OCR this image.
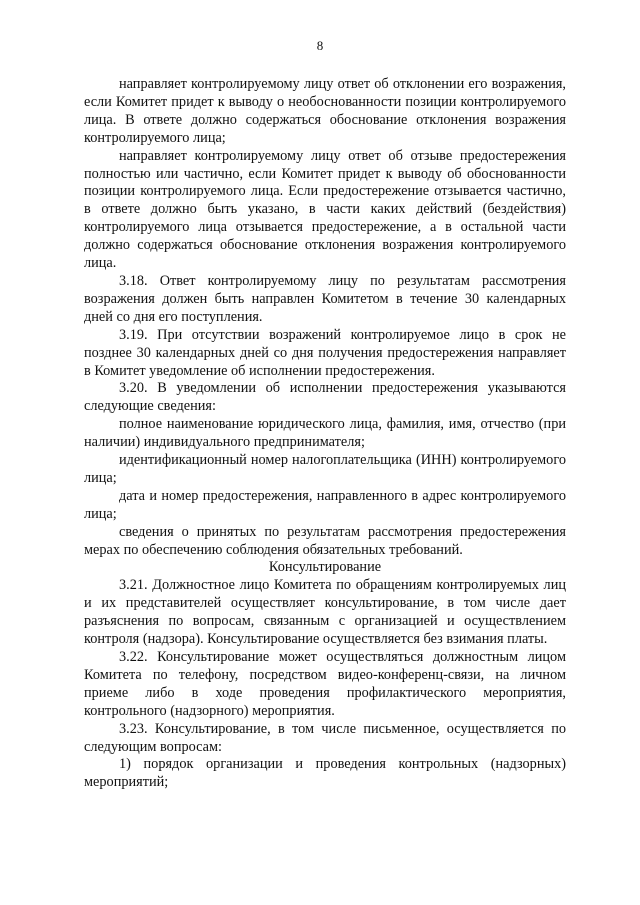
8

направляет контролируемому лицу ответ об отклонении его возражения, если Комитет придет к выводу о необоснованности позиции контролируемого лица. В ответе должно содержаться обоснование отклонения возражения контролируемого лица;

направляет контролируемому лицу ответ об отзыве предостережения полностью или частично, если Комитет придет к выводу об обоснованности позиции контролируемого лица. Если предостережение отзывается частично, в ответе должно быть указано, в части каких действий (бездействия) контролируемого лица отзывается предостережение, а в остальной части должно содержаться обоснование отклонения возражения контролируемого лица.

3.18. Ответ контролируемому лицу по результатам рассмотрения возражения должен быть направлен Комитетом в течение 30 календарных дней со дня его поступления.

3.19. При отсутствии возражений контролируемое лицо в срок не позднее 30 календарных дней со дня получения предостережения направляет в Комитет уведомление об исполнении предостережения.

3.20. В уведомлении об исполнении предостережения указываются следующие сведения:

полное наименование юридического лица, фамилия, имя, отчество (при наличии) индивидуального предпринимателя;

идентификационный номер налогоплательщика (ИНН) контролируемого лица;

дата и номер предостережения, направленного в адрес контролируемого лица;

сведения о принятых по результатам рассмотрения предостережения мерах по обеспечению соблюдения обязательных требований.

Консультирование

3.21. Должностное лицо Комитета по обращениям контролируемых лиц и их представителей осуществляет консультирование, в том числе дает разъяснения по вопросам, связанным с организацией и осуществлением контроля (надзора). Консультирование осуществляется без взимания платы.

3.22. Консультирование может осуществляться должностным лицом Комитета по телефону, посредством видео-конференц-связи, на личном приеме либо в ходе проведения профилактического мероприятия, контрольного (надзорного) мероприятия.

3.23. Консультирование, в том числе письменное, осуществляется по следующим вопросам:

1) порядок организации и проведения контрольных (надзорных) мероприятий;
